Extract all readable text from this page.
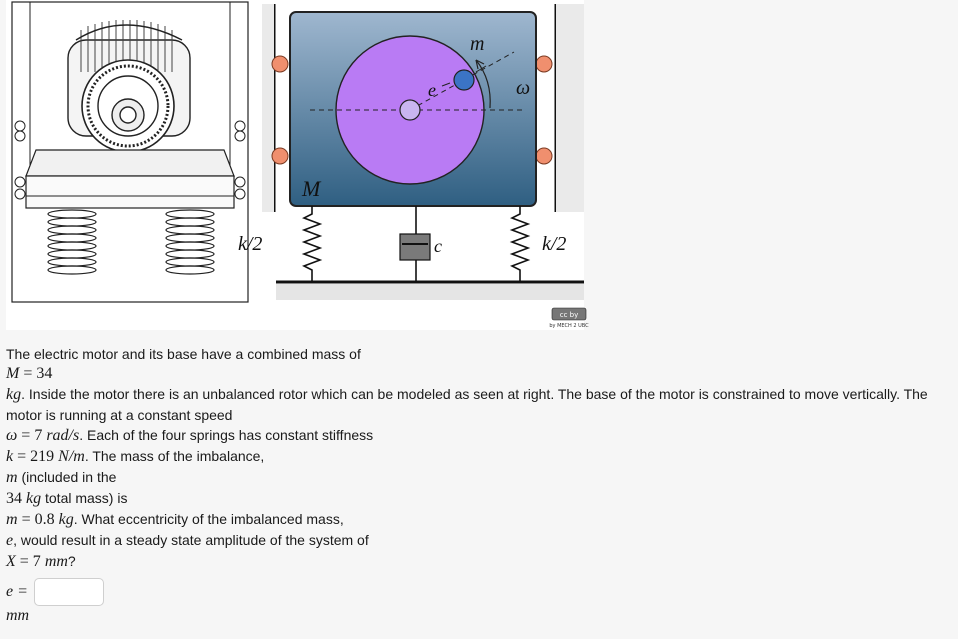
k/2	k/2
c
M
m
e	ω
cc by
by MECH 2 UBC
The electric motor and its base have a combined mass of
M = 34
kg. Inside the motor there is an unbalanced rotor which can be modeled as seen at right. The base of the motor is constrained to move vertically. The
motor is running at a constant speed
ω = 7 rad/s. Each of the four springs has constant stiffness
k = 219 N/m. The mass of the imbalance,
m (included in the
34 kg total mass) is
m = 0.8 kg. What eccentricity of the imbalanced mass,
e, would result in a steady state amplitude of the system of
X = 7 mm?
e =
mm
